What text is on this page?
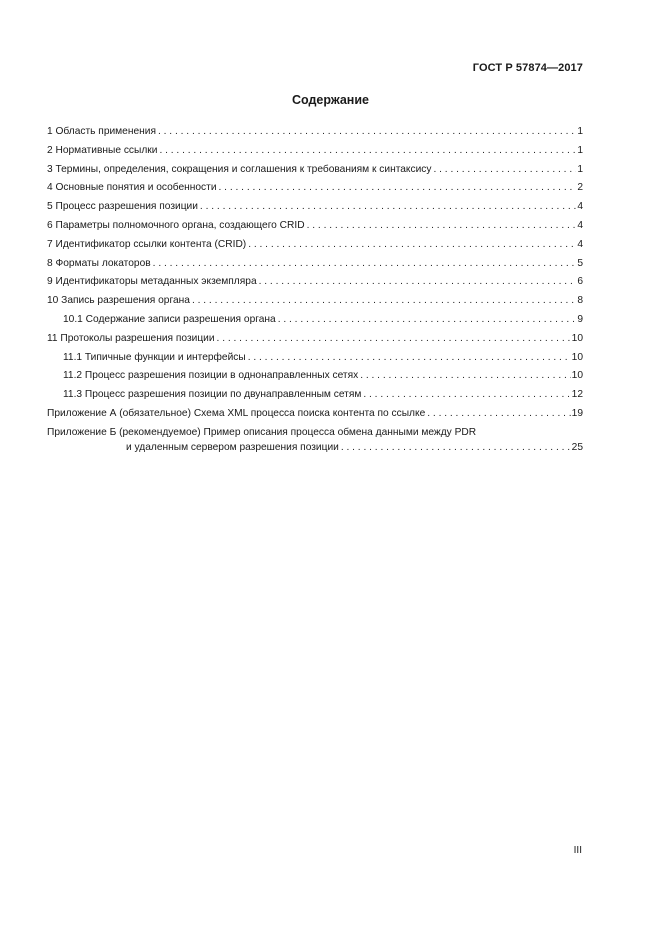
ГОСТ Р 57874—2017
Содержание
1 Область применения . . .	1
2 Нормативные ссылки . . .	1
3 Термины, определения, сокращения и соглашения к требованиям к синтаксису . . .	1
4 Основные понятия и особенности . . .	2
5 Процесс разрешения позиции . . .	4
6 Параметры полномочного органа, создающего CRID . . .	4
7 Идентификатор ссылки контента (CRID) . . .	4
8 Форматы локаторов . . .	5
9 Идентификаторы метаданных экземпляра . . .	6
10 Запись разрешения органа . . .	8
10.1 Содержание записи разрешения органа . . .	9
11 Протоколы разрешения позиции . . .	10
11.1 Типичные функции и интерфейсы . . .	10
11.2 Процесс разрешения позиции в однонаправленных сетях . . .	10
11.3 Процесс разрешения позиции по двунаправленным сетям . . .	12
Приложение А (обязательное) Схема XML процесса поиска контента по ссылке . . .	19
Приложение Б (рекомендуемое) Пример описания процесса обмена данными между PDR
и удаленным сервером разрешения позиции . . .	25
III
